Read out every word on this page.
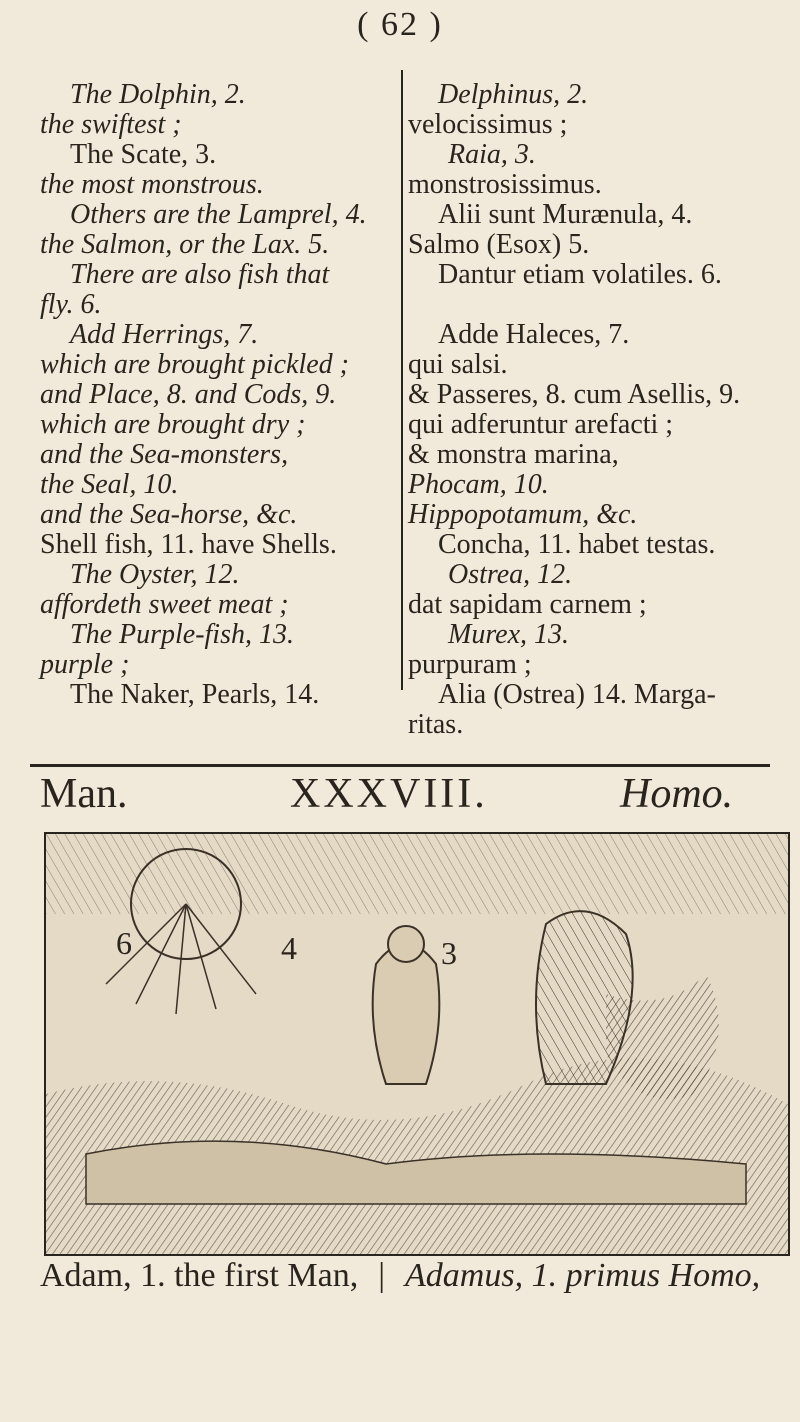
( 62 )
The Dolphin, 2.
the swiftest ;
The Scate, 3.
the most monstrous.
Others are the Lamprel, 4.
the Salmon, or the Lax. 5.
There are also fish that
fly. 6.
Add Herrings, 7.
which are brought pickled ;
and Place, 8. and Cods, 9.
which are brought dry ;
and the Sea-monsters,
the Seal, 10.
and the Sea-horse, &c.
Shell fish, 11. have Shells.
The Oyster, 12.
affordeth sweet meat ;
The Purple-fish, 13.
purple ;
The Naker, Pearls, 14.
Delphinus, 2.
velocissimus ;
Raia, 3.
monstrosissimus.
Alii sunt Murænula, 4.
Salmo (Esox) 5.
Dantur etiam volatiles. 6.
Adde Haleces, 7.
qui salsi.
& Passeres, 8. cum Asellis, 9.
qui adferuntur arefacti ;
& monstra marina,
Phocam, 10.
Hippopotamum, &c.
Concha, 11. habet testas.
Ostrea, 12.
dat sapidam carnem ;
Murex, 13.
purpuram ;
Alia (Ostrea) 14. Marga-
ritas.
Man.	XXXVIII.	Homo.
6	4	3
Adam, 1. the first Man, | Adamus, 1. primus Homo,
